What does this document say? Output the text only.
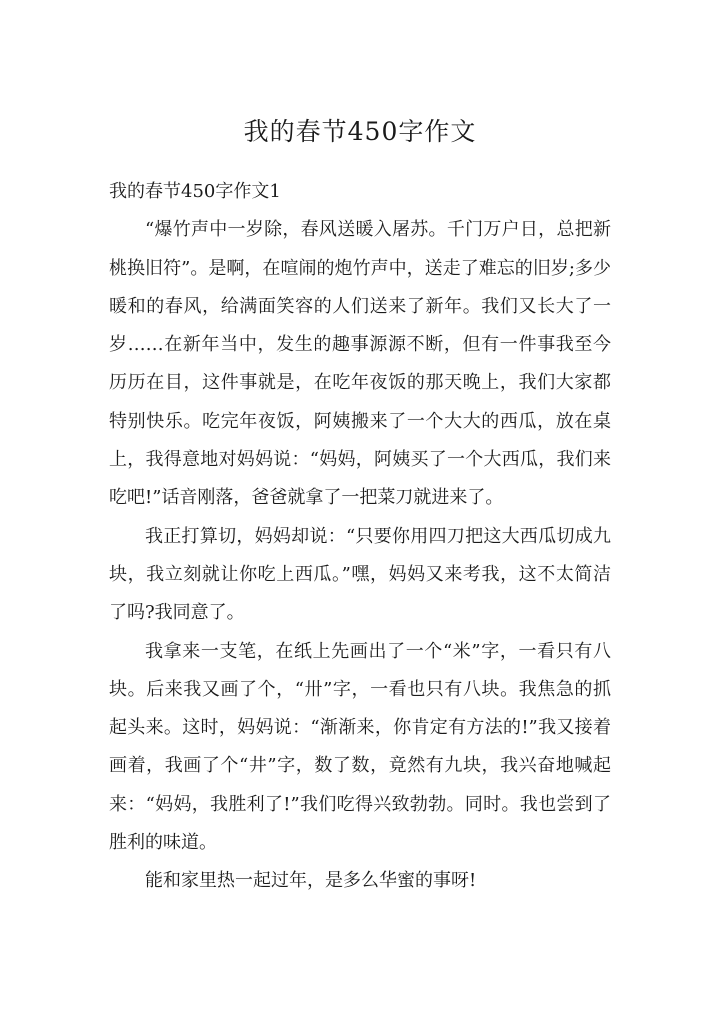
我的春节450字作文

我的春节450字作文1

“爆竹声中一岁除，春风送暖入屠苏。千门万户日，总把新桃换旧符”。是啊，在喧闹的炮竹声中，送走了难忘的旧岁;多少暖和的春风，给满面笑容的人们送来了新年。我们又长大了一岁……在新年当中，发生的趣事源源不断，但有一件事我至今历历在目，这件事就是，在吃年夜饭的那天晚上，我们大家都特别快乐。吃完年夜饭，阿姨搬来了一个大大的西瓜，放在桌上，我得意地对妈妈说：“妈妈，阿姨买了一个大西瓜，我们来吃吧!”话音刚落，爸爸就拿了一把菜刀就进来了。

我正打算切，妈妈却说：“只要你用四刀把这大西瓜切成九块，我立刻就让你吃上西瓜。”嘿，妈妈又来考我，这不太简洁了吗?我同意了。

我拿来一支笔，在纸上先画出了一个“米”字，一看只有八块。后来我又画了个，“卅”字，一看也只有八块。我焦急的抓起头来。这时，妈妈说：“渐渐来，你肯定有方法的!”我又接着画着，我画了个“井”字，数了数，竟然有九块，我兴奋地喊起来：“妈妈，我胜利了!”我们吃得兴致勃勃。同时。我也尝到了胜利的味道。

能和家里热一起过年，是多么华蜜的事呀!
